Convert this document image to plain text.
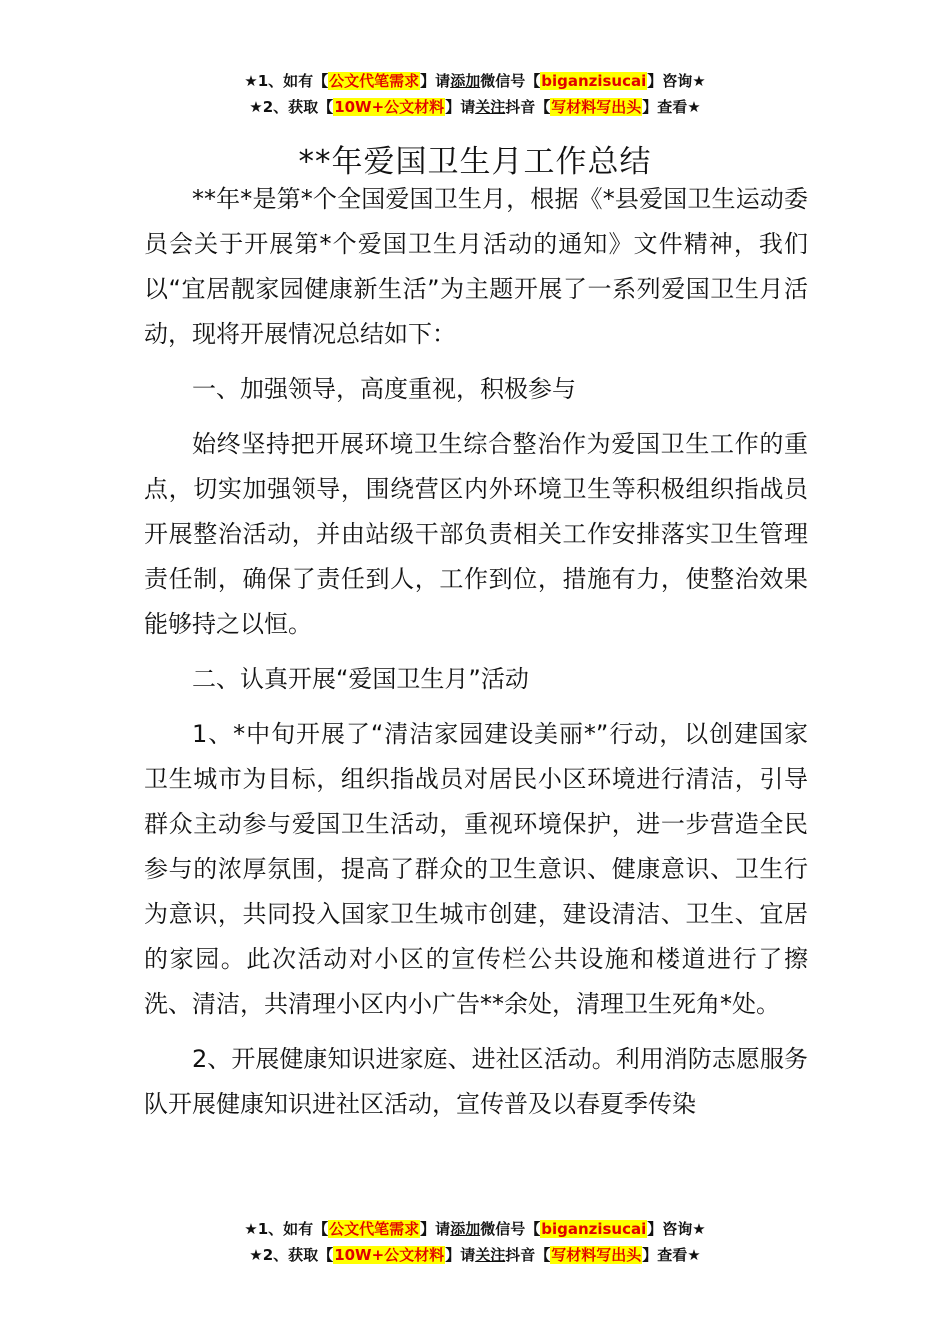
★1、如有【公文代笔需求】请添加微信号【biganzisucai】咨询★
★2、获取【10W+公文材料】请关注抖音【写材料写出头】查看★
**年爱国卫生月工作总结

**年*是第*个全国爱国卫生月，根据《*县爱国卫生运动委员会关于开展第*个爱国卫生月活动的通知》文件精神，我们以“宜居靓家园健康新生活”为主题开展了一系列爱国卫生月活动，现将开展情况总结如下：

一、加强领导，高度重视，积极参与

始终坚持把开展环境卫生综合整治作为爱国卫生工作的重点，切实加强领导，围绕营区内外环境卫生等积极组织指战员开展整治活动，并由站级干部负责相关工作安排落实卫生管理责任制，确保了责任到人，工作到位，措施有力，使整治效果能够持之以恒。

二、认真开展“爱国卫生月”活动

1、*中旬开展了“清洁家园建设美丽*”行动，以创建国家卫生城市为目标，组织指战员对居民小区环境进行清洁，引导群众主动参与爱国卫生活动，重视环境保护，进一步营造全民参与的浓厚氛围，提高了群众的卫生意识、健康意识、卫生行为意识，共同投入国家卫生城市创建，建设清洁、卫生、宜居的家园。此次活动对小区的宣传栏公共设施和楼道进行了擦洗、清洁，共清理小区内小广告**余处，清理卫生死角*处。

2、开展健康知识进家庭、进社区活动。利用消防志愿服务队开展健康知识进社区活动，宣传普及以春夏季传染

★1、如有【公文代笔需求】请添加微信号【biganzisucai】咨询★
★2、获取【10W+公文材料】请关注抖音【写材料写出头】查看★
